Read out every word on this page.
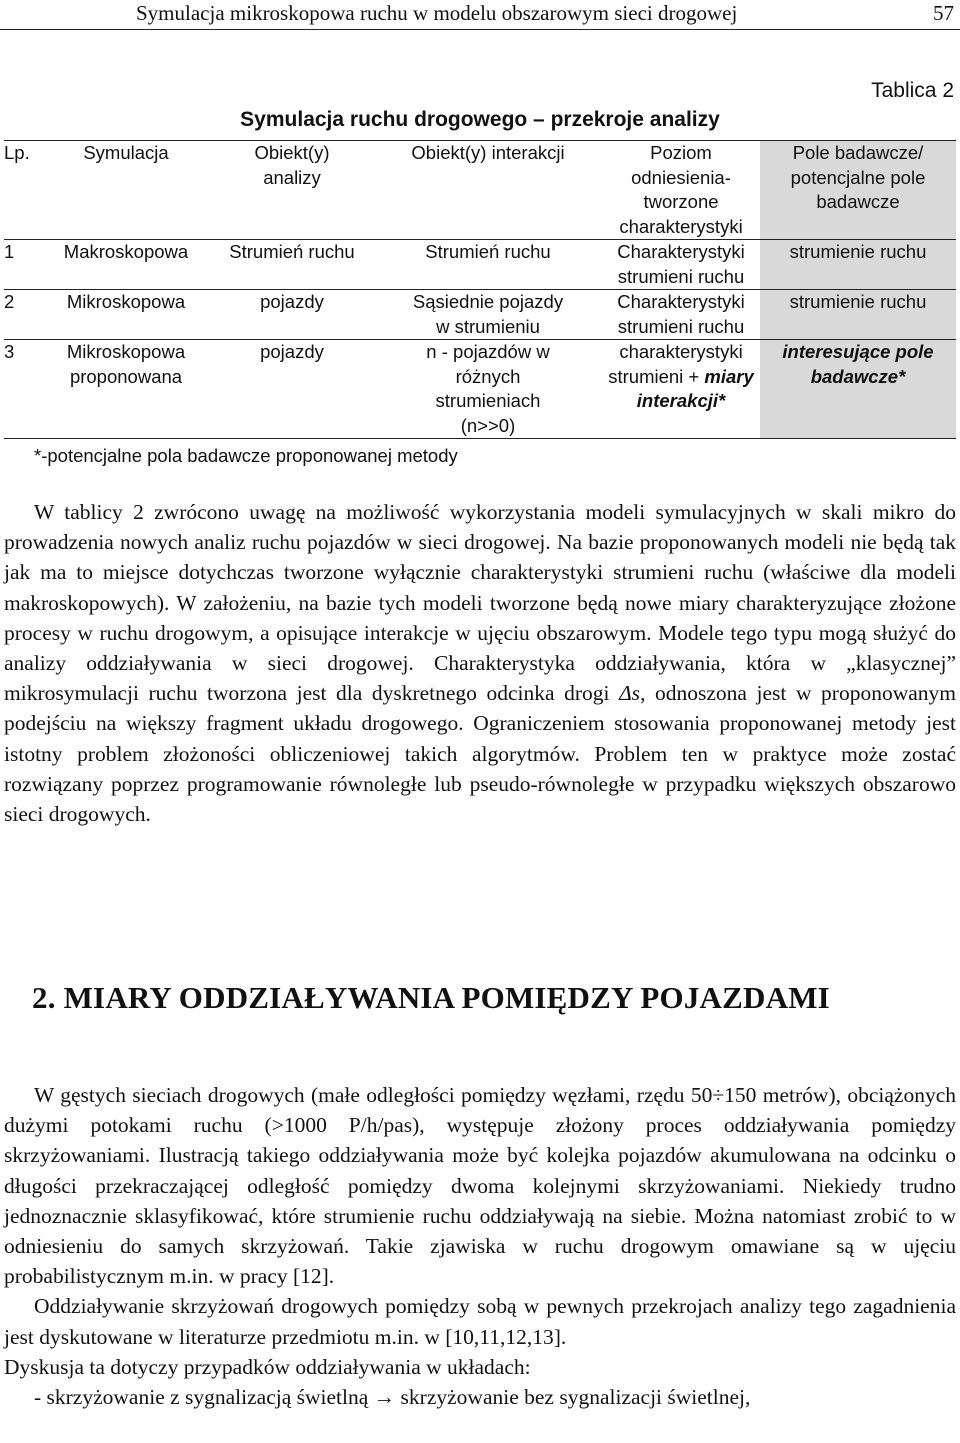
Symulacja mikroskopowa ruchu w modelu obszarowym sieci drogowej	57
Tablica 2
Symulacja ruchu drogowego – przekroje analizy
Lp.	Symulacja	Obiekt(y) analizy	Obiekt(y) interakcji	Poziom odniesienia-tworzone charakterystyki	Pole badawcze/ potencjalne pole badawcze
1	Makroskopowa	Strumień ruchu	Strumień ruchu	Charakterystyki strumieni ruchu	strumienie ruchu
2	Mikroskopowa	pojazdy	Sąsiednie pojazdy w strumieniu	Charakterystyki strumieni ruchu	strumienie ruchu
3	Mikroskopowa proponowana	pojazdy	n - pojazdów w różnych strumieniach (n>>0)	charakterystyki strumieni + miary interakcji*	interesujące pole badawcze*
*-potencjalne pola badawcze proponowanej metody

W tablicy 2 zwrócono uwagę na możliwość wykorzystania modeli symulacyjnych w skali mikro do prowadzenia nowych analiz ruchu pojazdów w sieci drogowej. Na bazie proponowanych modeli nie będą tak jak ma to miejsce dotychczas tworzone wyłącznie charakterystyki strumieni ruchu (właściwe dla modeli makroskopowych). W założeniu, na bazie tych modeli tworzone będą nowe miary charakteryzujące złożone procesy w ruchu drogowym, a opisujące interakcje w ujęciu obszarowym. Modele tego typu mogą służyć do analizy oddziaływania w sieci drogowej. Charakterystyka oddziaływania, która w „klasycznej” mikrosymulacji ruchu tworzona jest dla dyskretnego odcinka drogi Δs, odnoszona jest w proponowanym podejściu na większy fragment układu drogowego. Ograniczeniem stosowania proponowanej metody jest istotny problem złożoności obliczeniowej takich algorytmów. Problem ten w praktyce może zostać rozwiązany poprzez programowanie równoległe lub pseudo-równoległe w przypadku większych obszarowo sieci drogowych.

2. MIARY ODDZIAŁYWANIA POMIĘDZY POJAZDAMI

W gęstych sieciach drogowych (małe odległości pomiędzy węzłami, rzędu 50÷150 metrów), obciążonych dużymi potokami ruchu (>1000 P/h/pas), występuje złożony proces oddziaływania pomiędzy skrzyżowaniami. Ilustracją takiego oddziaływania może być kolejka pojazdów akumulowana na odcinku o długości przekraczającej odległość pomiędzy dwoma kolejnymi skrzyżowaniami. Niekiedy trudno jednoznacznie sklasyfikować, które strumienie ruchu oddziaływają na siebie. Można natomiast zrobić to w odniesieniu do samych skrzyżowań. Takie zjawiska w ruchu drogowym omawiane są w ujęciu probabilistycznym m.in. w pracy [12].

Oddziaływanie skrzyżowań drogowych pomiędzy sobą w pewnych przekrojach analizy tego zagadnienia jest dyskutowane w literaturze przedmiotu m.in. w [10,11,12,13].

Dyskusja ta dotyczy przypadków oddziaływania w układach:

- skrzyżowanie z sygnalizacją świetlną → skrzyżowanie bez sygnalizacji świetlnej,
